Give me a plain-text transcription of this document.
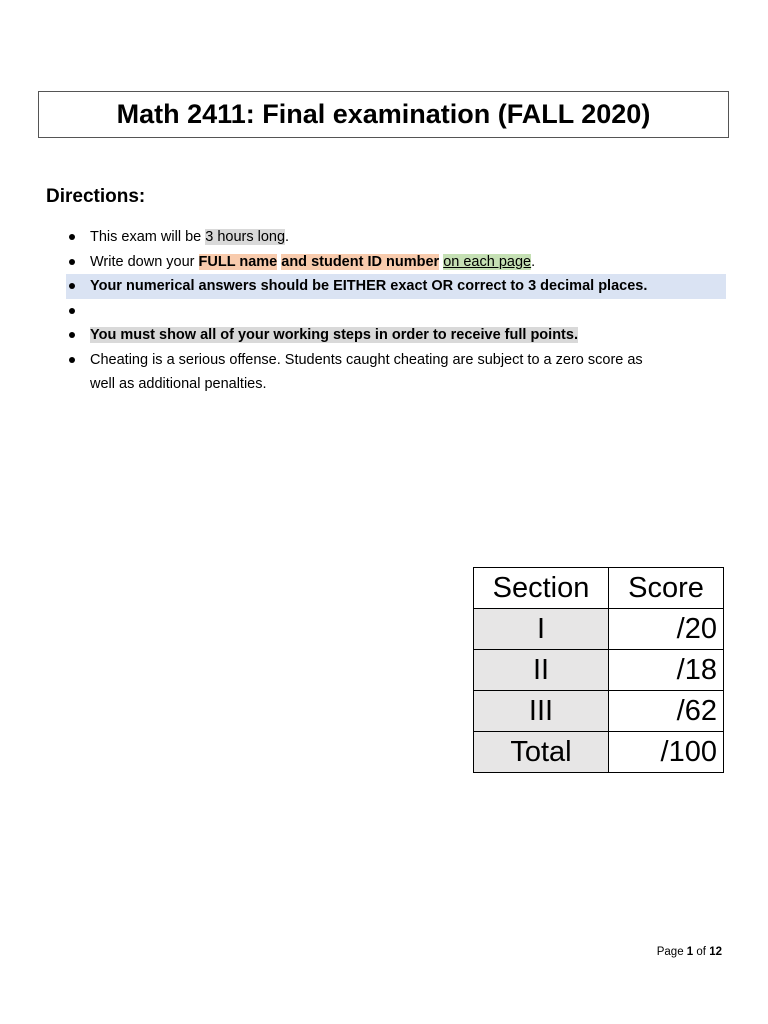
Math 2411: Final examination (FALL 2020)
Directions:
This exam will be 3 hours long.
Write down your FULL name and student ID number on each page.
Your numerical answers should be EITHER exact OR correct to 3 decimal places.
You must show all of your working steps in order to receive full points.
Cheating is a serious offense. Students caught cheating are subject to a zero score as
well as additional penalties.
Section	Score
I	/20
II	/18
III	/62
Total	/100
Page 1 of 12
